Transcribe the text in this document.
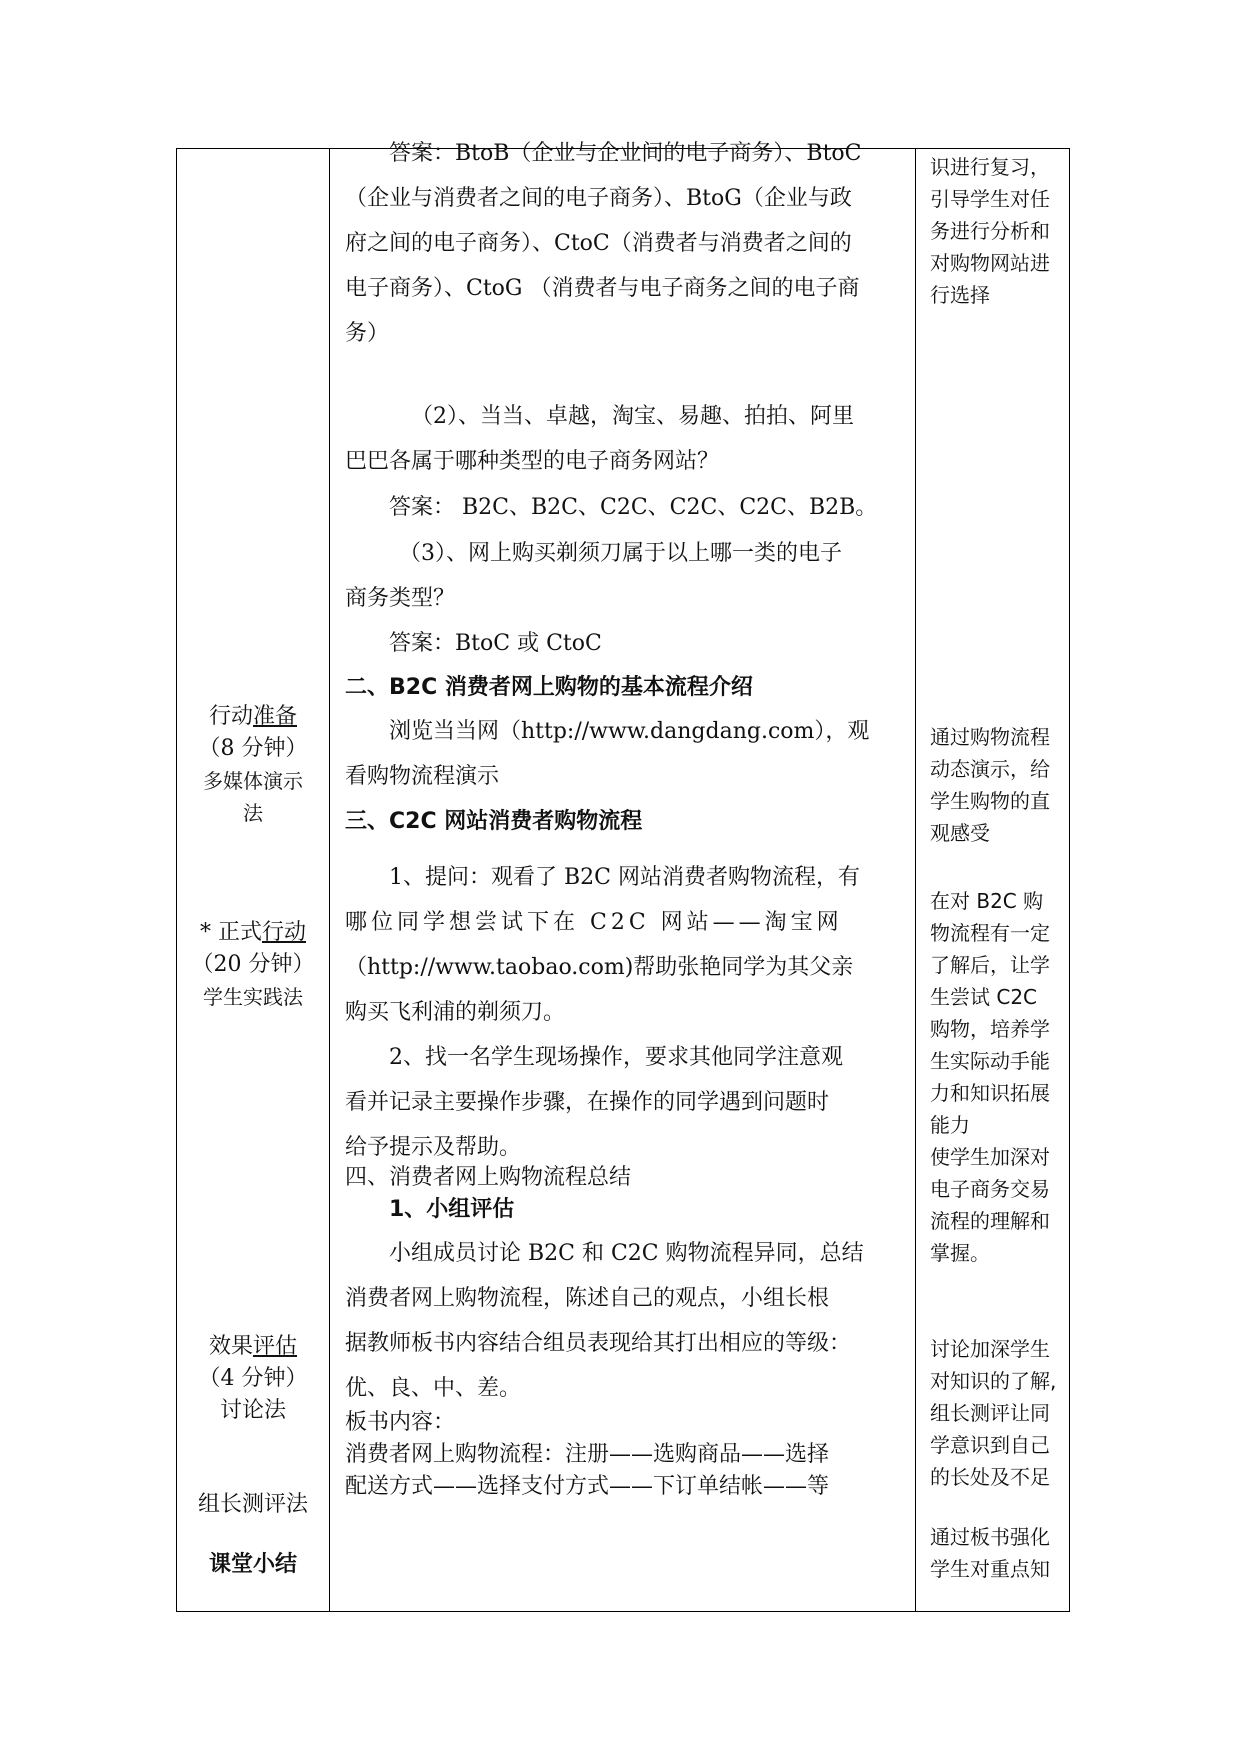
行动准备
（8 分钟）
多媒体演示
法
* 正式行动
（20 分钟）
学生实践法
效果评估
（4 分钟）
讨论法
组长测评法
课堂小结
答案：BtoB（企业与企业间的电子商务）、BtoC
（企业与消费者之间的电子商务）、BtoG（企业与政
府之间的电子商务）、CtoC（消费者与消费者之间的
电子商务）、CtoG （消费者与电子商务之间的电子商
务）
（2）、当当、卓越，淘宝、易趣、拍拍、阿里
巴巴各属于哪种类型的电子商务网站？
答案： B2C、B2C、C2C、C2C、C2C、B2B。
（3）、网上购买剃须刀属于以上哪一类的电子
商务类型？
答案：BtoC 或 CtoC
二、B2C 消费者网上购物的基本流程介绍
浏览当当网（http://www.dangdang.com），观
看购物流程演示
三、C2C 网站消费者购物流程
1、提问：观看了 B2C 网站消费者购物流程，有
哪位同学想尝试下在 C2C 网站——淘宝网
（http://www.taobao.com)帮助张艳同学为其父亲
购买飞利浦的剃须刀。
2、找一名学生现场操作，要求其他同学注意观
看并记录主要操作步骤，在操作的同学遇到问题时
给予提示及帮助。
四、消费者网上购物流程总结
1、小组评估
小组成员讨论 B2C 和 C2C 购物流程异同，总结
消费者网上购物流程，陈述自己的观点，小组长根
据教师板书内容结合组员表现给其打出相应的等级：
优、良、中、差。
板书内容：
消费者网上购物流程：注册——选购商品——选择
配送方式——选择支付方式——下订单结帐——等
识进行复习，
引导学生对任
务进行分析和
对购物网站进
行选择
通过购物流程
动态演示，给
学生购物的直
观感受
在对 B2C 购
物流程有一定
了解后，让学
生尝试 C2C
购物，培养学
生实际动手能
力和知识拓展
能力
使学生加深对
电子商务交易
流程的理解和
掌握。
讨论加深学生
对知识的了解,
组长测评让同
学意识到自己
的长处及不足
通过板书强化
学生对重点知
